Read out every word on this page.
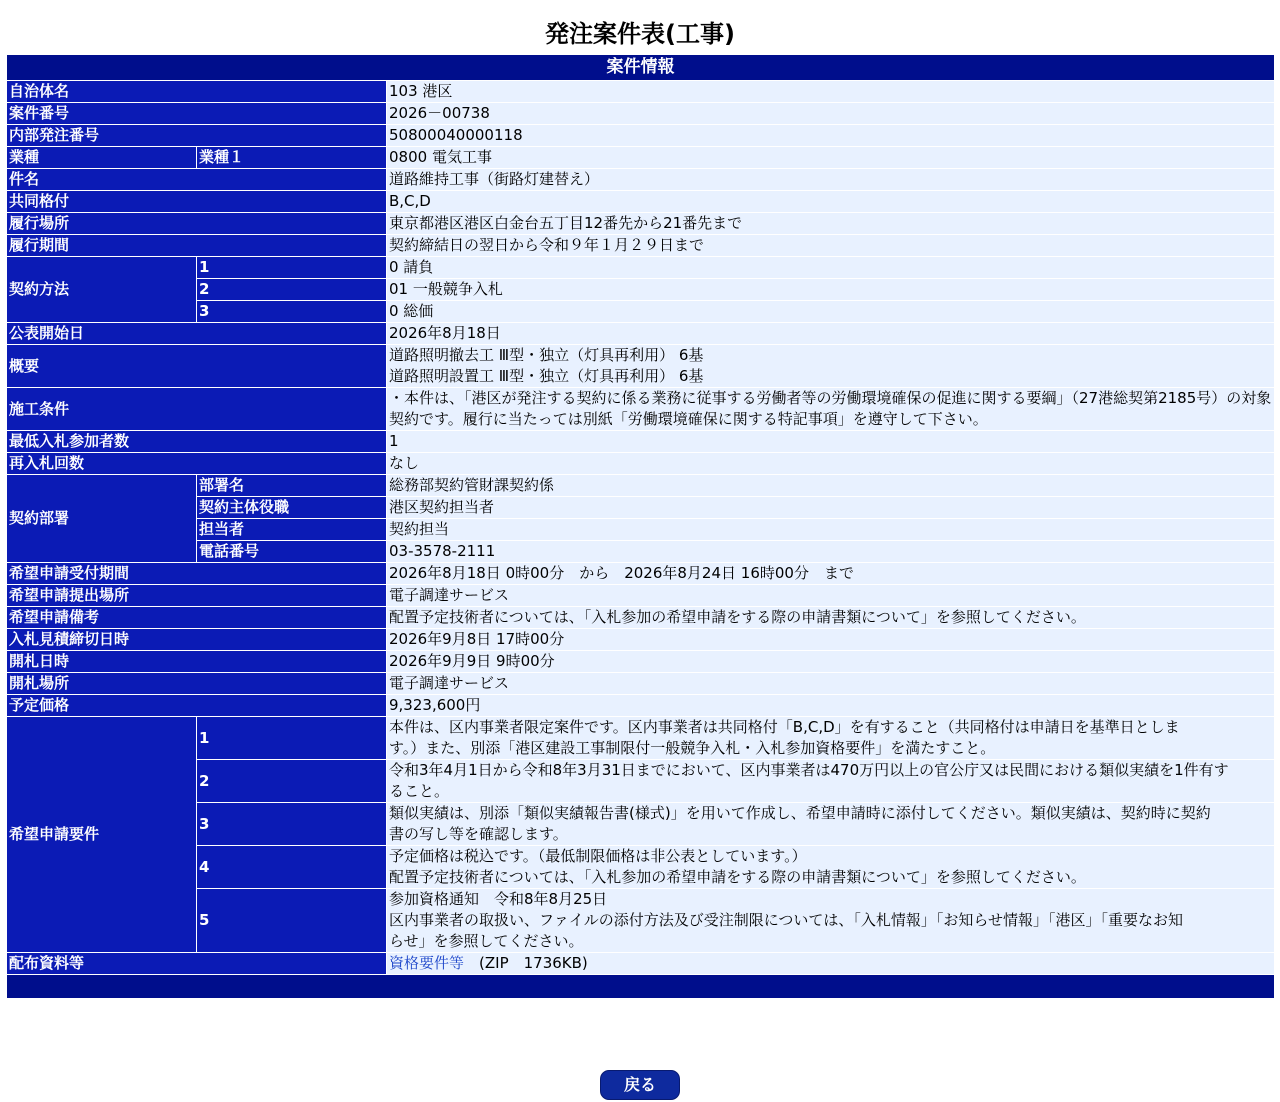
発注案件表(工事)
案件情報		
自治体名		103 港区
案件番号		2026－00738
内部発注番号		50800040000118
業種	業種１	0800 電気工事
件名		道路維持工事（街路灯建替え）
共同格付		B,C,D
履行場所		東京都港区港区白金台五丁目12番先から21番先まで
履行期間		契約締結日の翌日から令和９年１月２９日まで
契約方法	1	0 請負
	2	01 一般競争入札
	3	0 総価
公表開始日		2026年8月18日
概要		道路照明撤去工 Ⅲ型・独立（灯具再利用） 6基
道路照明設置工 Ⅲ型・独立（灯具再利用） 6基

施工条件		・本件は、「港区が発注する契約に係る業務に従事する労働者等の労働環境確保の促進に関する要綱」（27港総契第2185号）の対象契約です。履行に当たっては別紙「労働環境確保に関する特記事項」を遵守して下さい。
最低入札参加者数		1
再入札回数		なし
契約部署	部署名	総務部契約管財課契約係
	契約主体役職	港区契約担当者
	担当者	契約担当
	電話番号	03-3578-2111
希望申請受付期間		2026年8月18日 0時00分　から　2026年8月24日 16時00分　まで
希望申請提出場所		電子調達サービス
希望申請備考		配置予定技術者については、「入札参加の希望申請をする際の申請書類について」を参照してください。
入札見積締切日時		2026年9月8日 17時00分
開札日時		2026年9月9日 9時00分
開札場所		電子調達サービス
予定価格		9,323,600円
希望申請要件	1	本件は、区内事業者限定案件です。区内事業者は共同格付「B,C,D」を有すること（共同格付は申請日を基準日としま
す。）また、別添「港区建設工事制限付一般競争入札・入札参加資格要件」を満たすこと。

	2	令和3年4月1日から令和8年3月31日までにおいて、区内事業者は470万円以上の官公庁又は民間における類似実績を1件有す
ること。

	3	類似実績は、別添「類似実績報告書(様式)」を用いて作成し、希望申請時に添付してください。類似実績は、契約時に契約
書の写し等を確認します。

	4	予定価格は税込です。（最低制限価格は非公表としています。）
配置予定技術者については、「入札参加の希望申請をする際の申請書類について」を参照してください。

	5	参加資格通知　令和8年8月25日
区内事業者の取扱い、ファイルの添付方法及び受注制限については、「入札情報」「お知らせ情報」「港区」「重要なお知
らせ」を参照してください。

配布資料等		資格要件等　(ZIP　1736KB)

戻る
